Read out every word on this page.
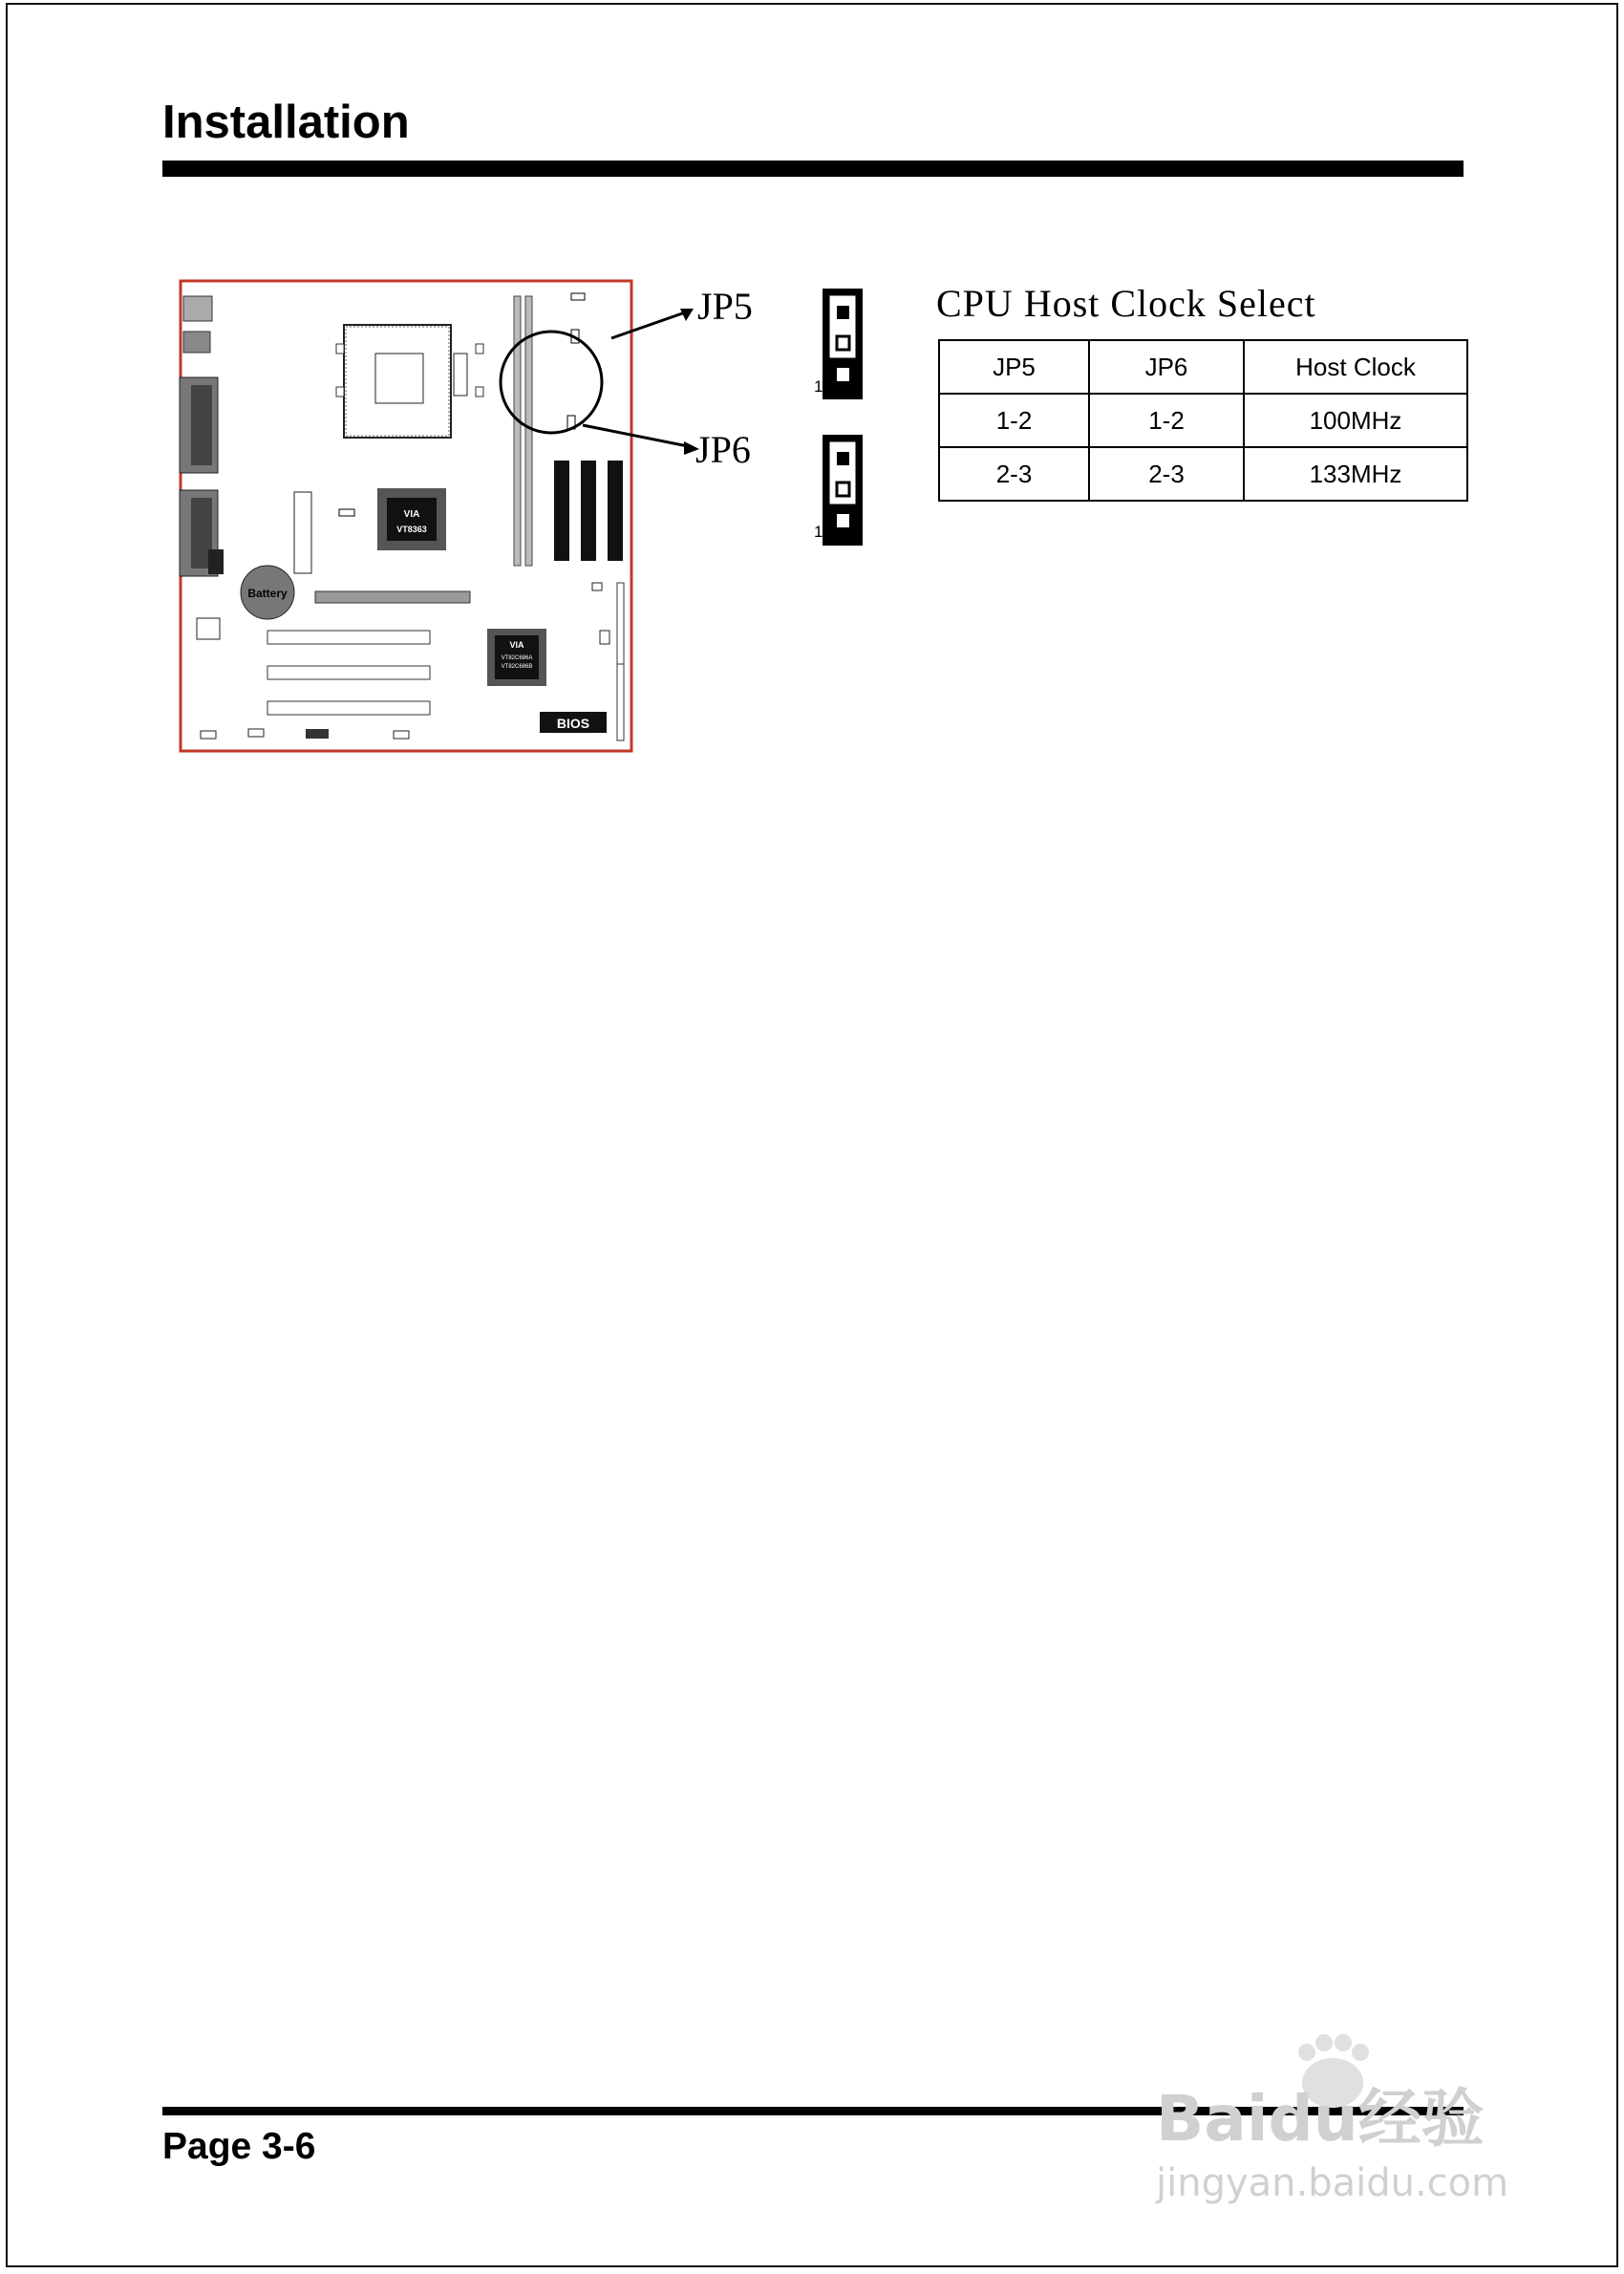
Installation
VIA
VT8363
Battery
VIA
VT82C686A
VT82C686B
BIOS
JP5
JP6
1
1
CPU Host Clock Select
JP5	JP6	Host Clock
1-2	1-2	100MHz
2-3	2-3	133MHz
Page 3-6	Baidu经验
jingyan.baidu.com
